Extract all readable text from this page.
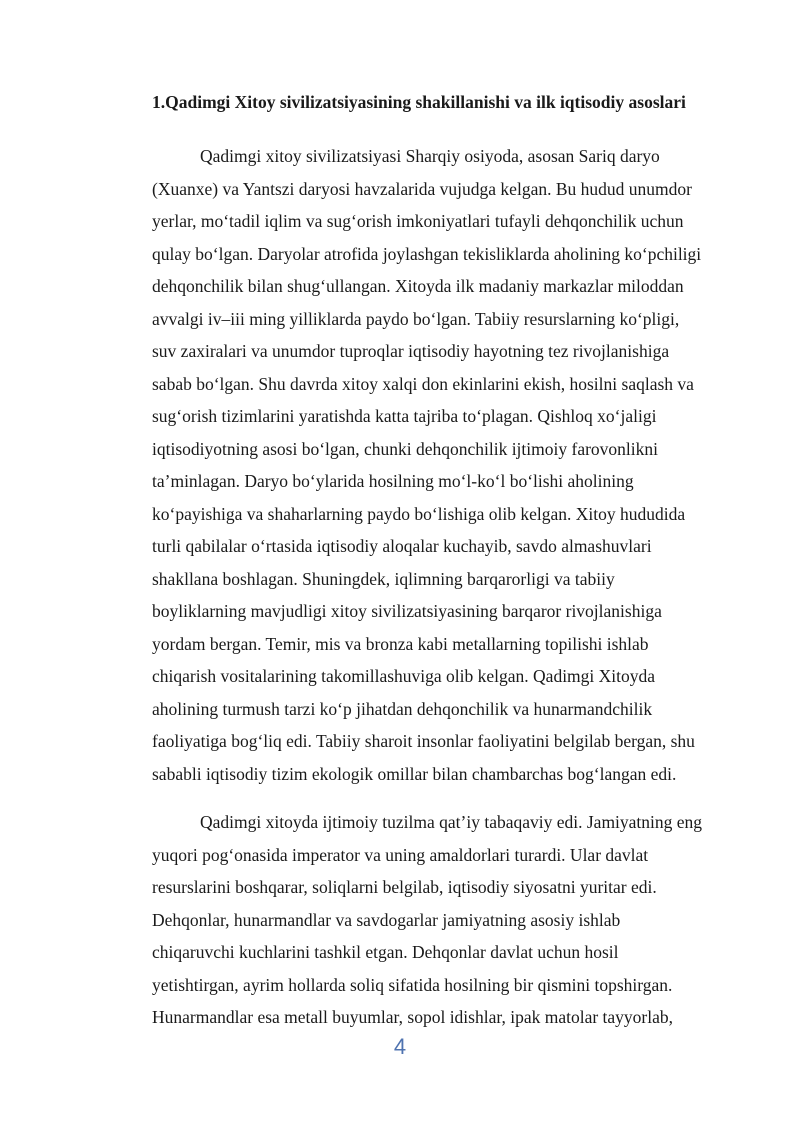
1.Qadimgi Xitoy sivilizatsiyasining shakillanishi va ilk iqtisodiy asoslari

Qadimgi xitoy sivilizatsiyasi Sharqiy osiyoda, asosan Sariq daryo
(Xuanxe) va Yantszi daryosi havzalarida vujudga kelgan. Bu hudud unumdor
yerlar, mo‘tadil iqlim va sug‘orish imkoniyatlari tufayli dehqonchilik uchun
qulay bo‘lgan. Daryolar atrofida joylashgan tekisliklarda aholining ko‘pchiligi
dehqonchilik bilan shug‘ullangan. Xitoyda ilk madaniy markazlar miloddan
avvalgi iv–iii ming yilliklarda paydo bo‘lgan. Tabiiy resurslarning ko‘pligi,
suv zaxiralari va unumdor tuproqlar iqtisodiy hayotning tez rivojlanishiga
sabab bo‘lgan. Shu davrda xitoy xalqi don ekinlarini ekish, hosilni saqlash va
sug‘orish tizimlarini yaratishda katta tajriba to‘plagan. Qishloq xo‘jaligi
iqtisodiyotning asosi bo‘lgan, chunki dehqonchilik ijtimoiy farovonlikni
ta’minlagan. Daryo bo‘ylarida hosilning mo‘l-ko‘l bo‘lishi aholining
ko‘payishiga va shaharlarning paydo bo‘lishiga olib kelgan. Xitoy hududida
turli qabilalar o‘rtasida iqtisodiy aloqalar kuchayib, savdo almashuvlari
shakllana boshlagan. Shuningdek, iqlimning barqarorligi va tabiiy
boyliklarning mavjudligi xitoy sivilizatsiyasining barqaror rivojlanishiga
yordam bergan. Temir, mis va bronza kabi metallarning topilishi ishlab
chiqarish vositalarining takomillashuviga olib kelgan. Qadimgi Xitoyda
aholining turmush tarzi ko‘p jihatdan dehqonchilik va hunarmandchilik
faoliyatiga bog‘liq edi. Tabiiy sharoit insonlar faoliyatini belgilab bergan, shu
sababli iqtisodiy tizim ekologik omillar bilan chambarchas bog‘langan edi.

Qadimgi xitoyda ijtimoiy tuzilma qat’iy tabaqaviy edi. Jamiyatning eng
yuqori pog‘onasida imperator va uning amaldorlari turardi. Ular davlat
resurslarini boshqarar, soliqlarni belgilab, iqtisodiy siyosatni yuritar edi.
Dehqonlar, hunarmandlar va savdogarlar jamiyatning asosiy ishlab
chiqaruvchi kuchlarini tashkil etgan. Dehqonlar davlat uchun hosil
yetishtirgan, ayrim hollarda soliq sifatida hosilning bir qismini topshirgan.
Hunarmandlar esa metall buyumlar, sopol idishlar, ipak matolar tayyorlab,

4
